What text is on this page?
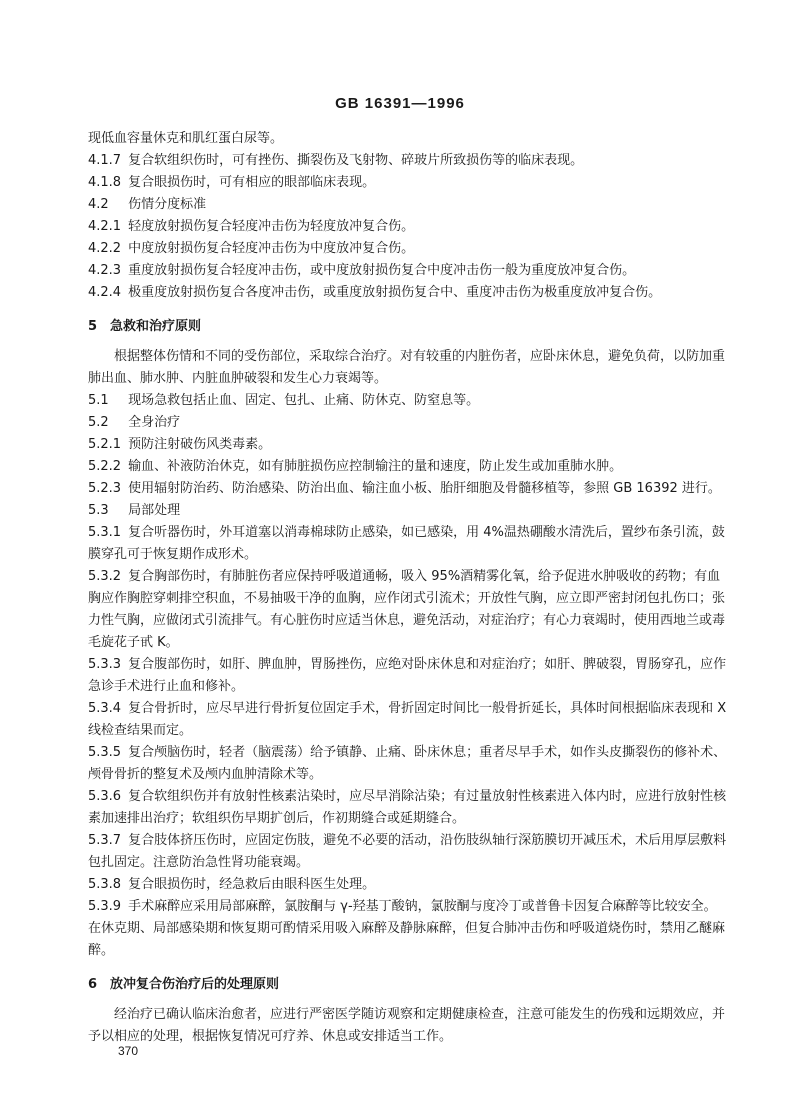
GB 16391—1996
现低血容量休克和肌红蛋白尿等。
4.1.7 复合软组织伤时，可有挫伤、撕裂伤及飞射物、碎玻片所致损伤等的临床表现。
4.1.8 复合眼损伤时，可有相应的眼部临床表现。
4.2 伤情分度标准
4.2.1 轻度放射损伤复合轻度冲击伤为轻度放冲复合伤。
4.2.2 中度放射损伤复合轻度冲击伤为中度放冲复合伤。
4.2.3 重度放射损伤复合轻度冲击伤，或中度放射损伤复合中度冲击伤一般为重度放冲复合伤。
4.2.4 极重度放射损伤复合各度冲击伤，或重度放射损伤复合中、重度冲击伤为极重度放冲复合伤。
5　急救和治疗原则

根据整体伤情和不同的受伤部位，采取综合治疗。对有较重的内脏伤者，应卧床休息，避免负荷，以防加重肺出血、肺水肿、内脏血肿破裂和发生心力衰竭等。

5.1 现场急救包括止血、固定、包扎、止痛、防休克、防窒息等。
5.2 全身治疗
5.2.1 预防注射破伤风类毒素。
5.2.2 输血、补液防治休克，如有肺脏损伤应控制输注的量和速度，防止发生或加重肺水肿。
5.2.3 使用辐射防治药、防治感染、防治出血、输注血小板、胎肝细胞及骨髓移植等，参照 GB 16392 进行。
5.3 局部处理
5.3.1 复合听器伤时，外耳道塞以消毒棉球防止感染，如已感染，用 4%温热硼酸水清洗后，置纱布条引流，鼓膜穿孔可于恢复期作成形术。
5.3.2 复合胸部伤时，有肺脏伤者应保持呼吸道通畅，吸入 95%酒精雾化氧，给予促进水肿吸收的药物；有血胸应作胸腔穿刺排空积血，不易抽吸干净的血胸，应作闭式引流术；开放性气胸，应立即严密封闭包扎伤口；张力性气胸，应做闭式引流排气。有心脏伤时应适当休息，避免活动，对症治疗；有心力衰竭时，使用西地兰或毒毛旋花子甙 K。
5.3.3 复合腹部伤时，如肝、脾血肿，胃肠挫伤，应绝对卧床休息和对症治疗；如肝、脾破裂，胃肠穿孔，应作急诊手术进行止血和修补。
5.3.4 复合骨折时，应尽早进行骨折复位固定手术，骨折固定时间比一般骨折延长，具体时间根据临床表现和 X 线检查结果而定。
5.3.5 复合颅脑伤时，轻者（脑震荡）给予镇静、止痛、卧床休息；重者尽早手术，如作头皮撕裂伤的修补术、颅骨骨折的整复术及颅内血肿清除术等。
5.3.6 复合软组织伤并有放射性核素沾染时，应尽早消除沾染；有过量放射性核素进入体内时，应进行放射性核素加速排出治疗；软组织伤早期扩创后，作初期缝合或延期缝合。
5.3.7 复合肢体挤压伤时，应固定伤肢，避免不必要的活动，沿伤肢纵轴行深筋膜切开减压术，术后用厚层敷料包扎固定。注意防治急性肾功能衰竭。
5.3.8 复合眼损伤时，经急救后由眼科医生处理。
5.3.9 手术麻醉应采用局部麻醉，氯胺酮与 γ-羟基丁酸钠，氯胺酮与度冷丁或普鲁卡因复合麻醉等比较安全。在休克期、局部感染期和恢复期可酌情采用吸入麻醉及静脉麻醉，但复合肺冲击伤和呼吸道烧伤时，禁用乙醚麻醉。
6　放冲复合伤治疗后的处理原则

经治疗已确认临床治愈者，应进行严密医学随访观察和定期健康检查，注意可能发生的伤残和远期效应，并予以相应的处理，根据恢复情况可疗养、休息或安排适当工作。

370
